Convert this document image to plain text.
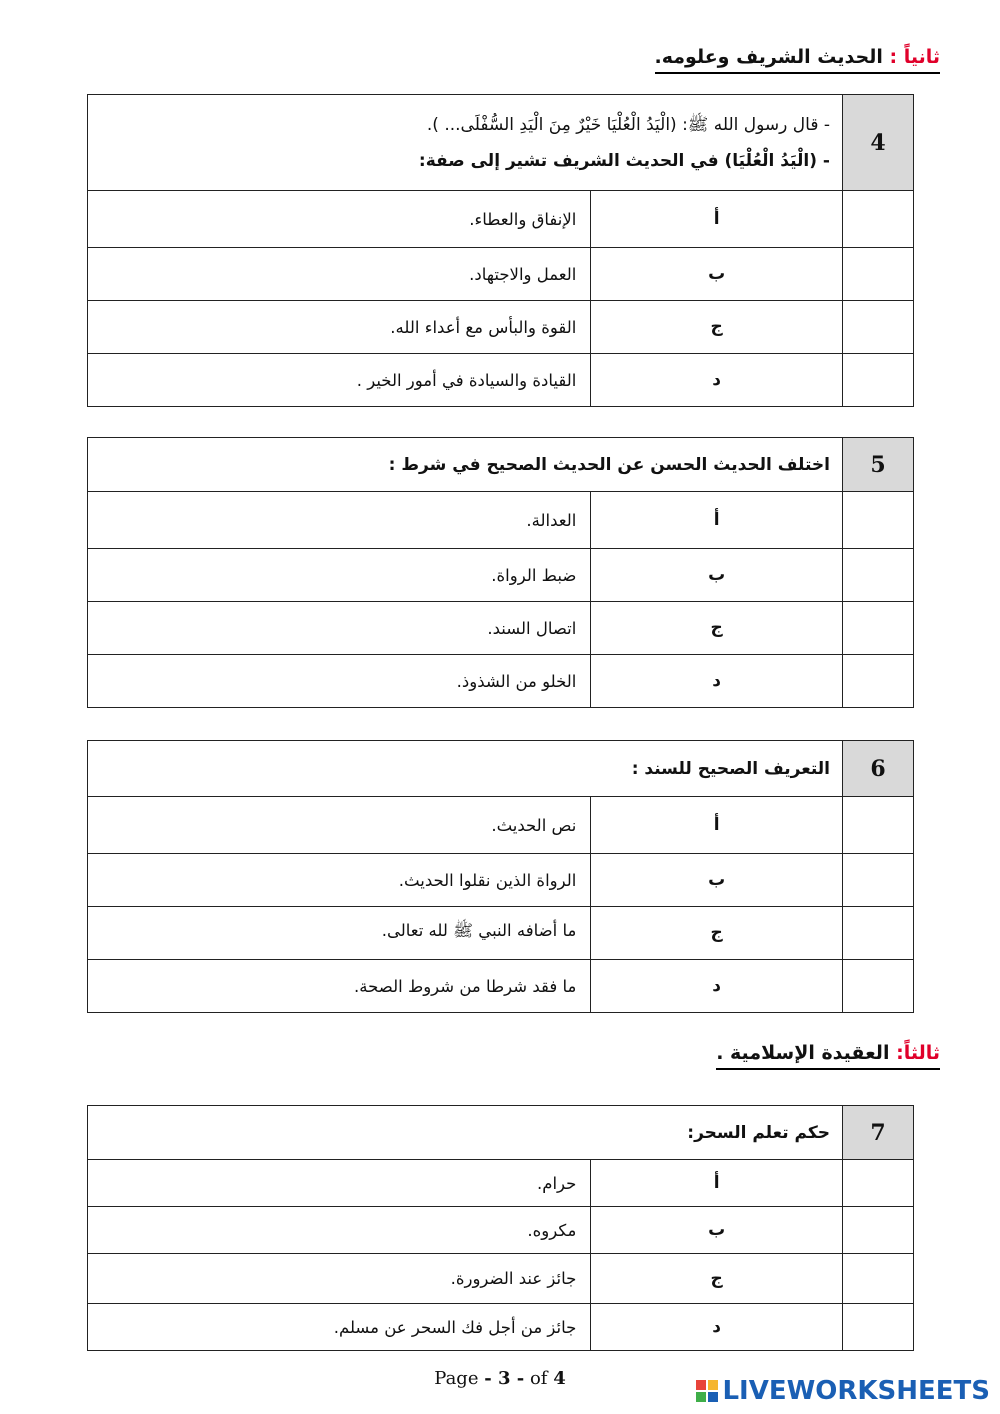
ثانياً : الحديث الشريف وعلومه.
4	- قال رسول الله ﷺ: (الْيَدُ الْعُلْيَا خَيْرٌ مِنَ الْيَدِ السُّفْلَى... ).
- (الْيَدُ الْعُلْيَا) في الحديث الشريف تشير إلى صفة:	

	أ	الإنفاق والعطاء.
	ب	العمل والاجتهاد.
	ج	القوة والبأس مع أعداء الله.
	د	القيادة والسيادة في أمور الخير .
5	اختلف الحديث الحسن عن الحديث الصحيح في شرط :	
	أ	العدالة.
	ب	ضبط الرواة.
	ج	اتصال السند.
	د	الخلو من الشذوذ.
6	التعريف الصحيح للسند :	
	أ	نص الحديث.
	ب	الرواة الذين نقلوا الحديث.
	ج	ما أضافه النبي ﷺ لله تعالى.
	د	ما فقد شرطا من شروط الصحة.
ثالثاً: العقيدة الإسلامية .
7	حكم تعلم السحر:	
	أ	حرام.
	ب	مكروه.
	ج	جائز عند الضرورة.
	د	جائز من أجل فك السحر عن مسلم.
Page - 3 - of 4	LIVEWORKSHEETS
